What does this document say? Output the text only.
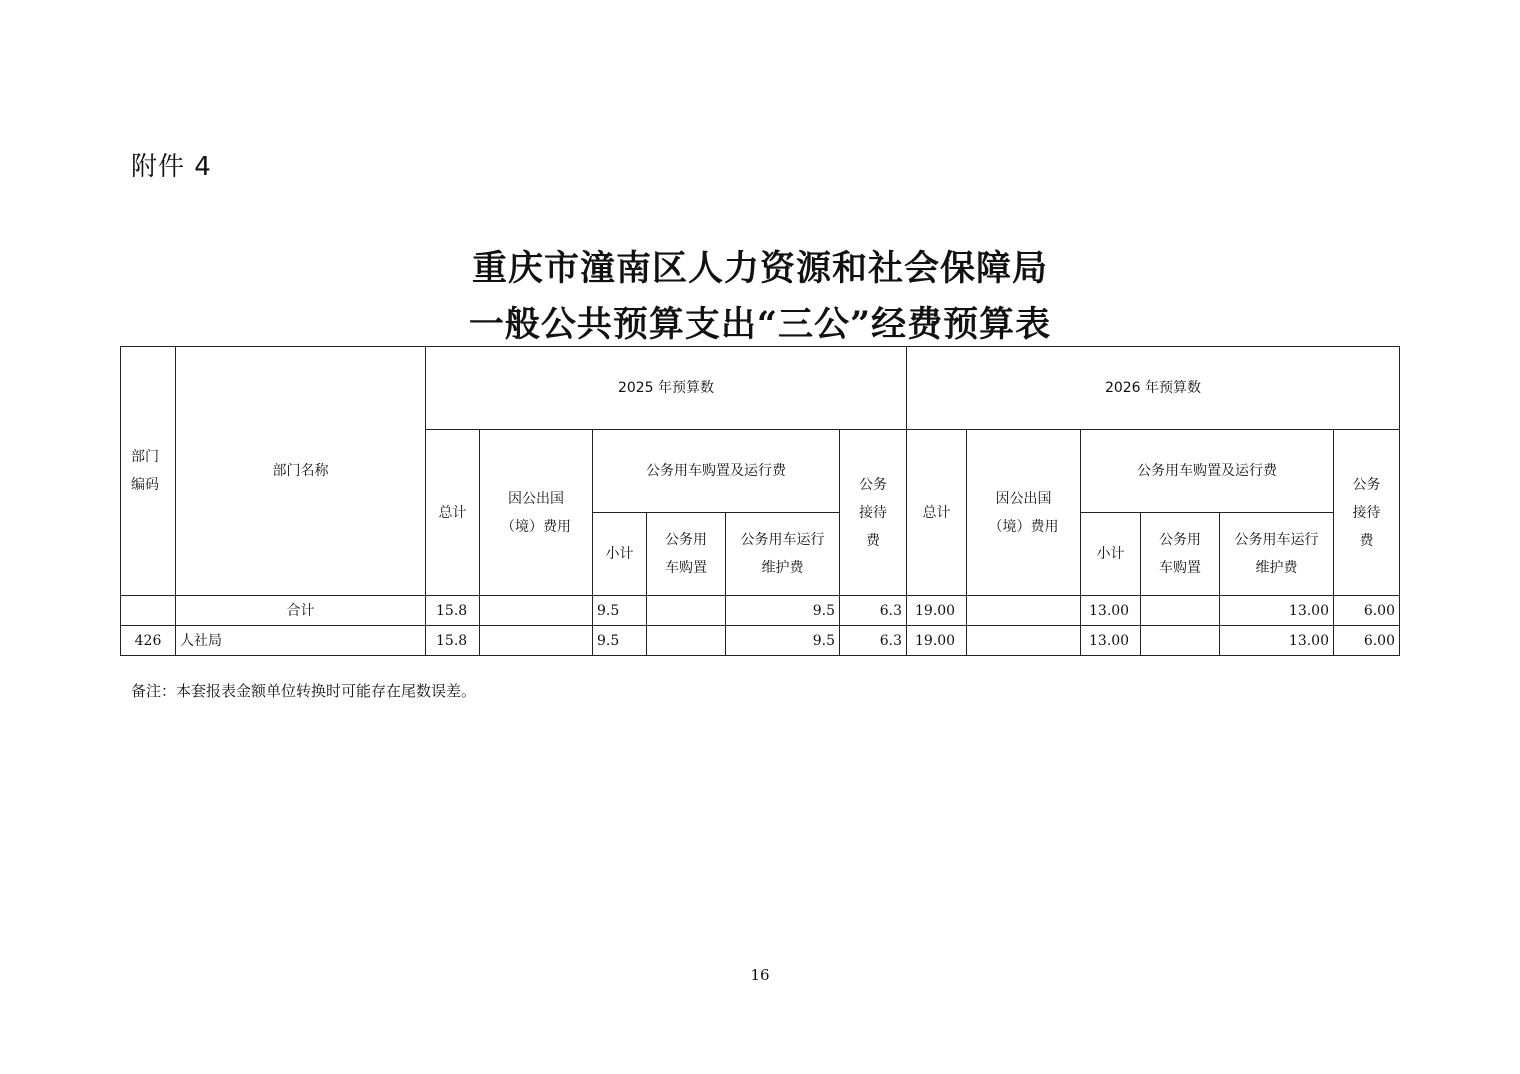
附件 4
重庆市潼南区人力资源和社会保障局
一般公共预算支出“三公”经费预算表
部门编码	部门名称	2025 年预算数						2026 年预算数					
		总计	因公出国（境）费用	公务用车购置及运行费			公务接待费	总计	因公出国（境）费用	公务用车购置及运行费			公务接待费
				小计	公务用车购置	公务用车运行维护费				小计	公务用车购置	公务用车运行维护费	
	合计	15.8		9.5		9.5	6.3	19.00		13.00		13.00	6.00
426	人社局	15.8		9.5		9.5	6.3	19.00		13.00		13.00	6.00
备注：本套报表金额单位转换时可能存在尾数误差。
16
